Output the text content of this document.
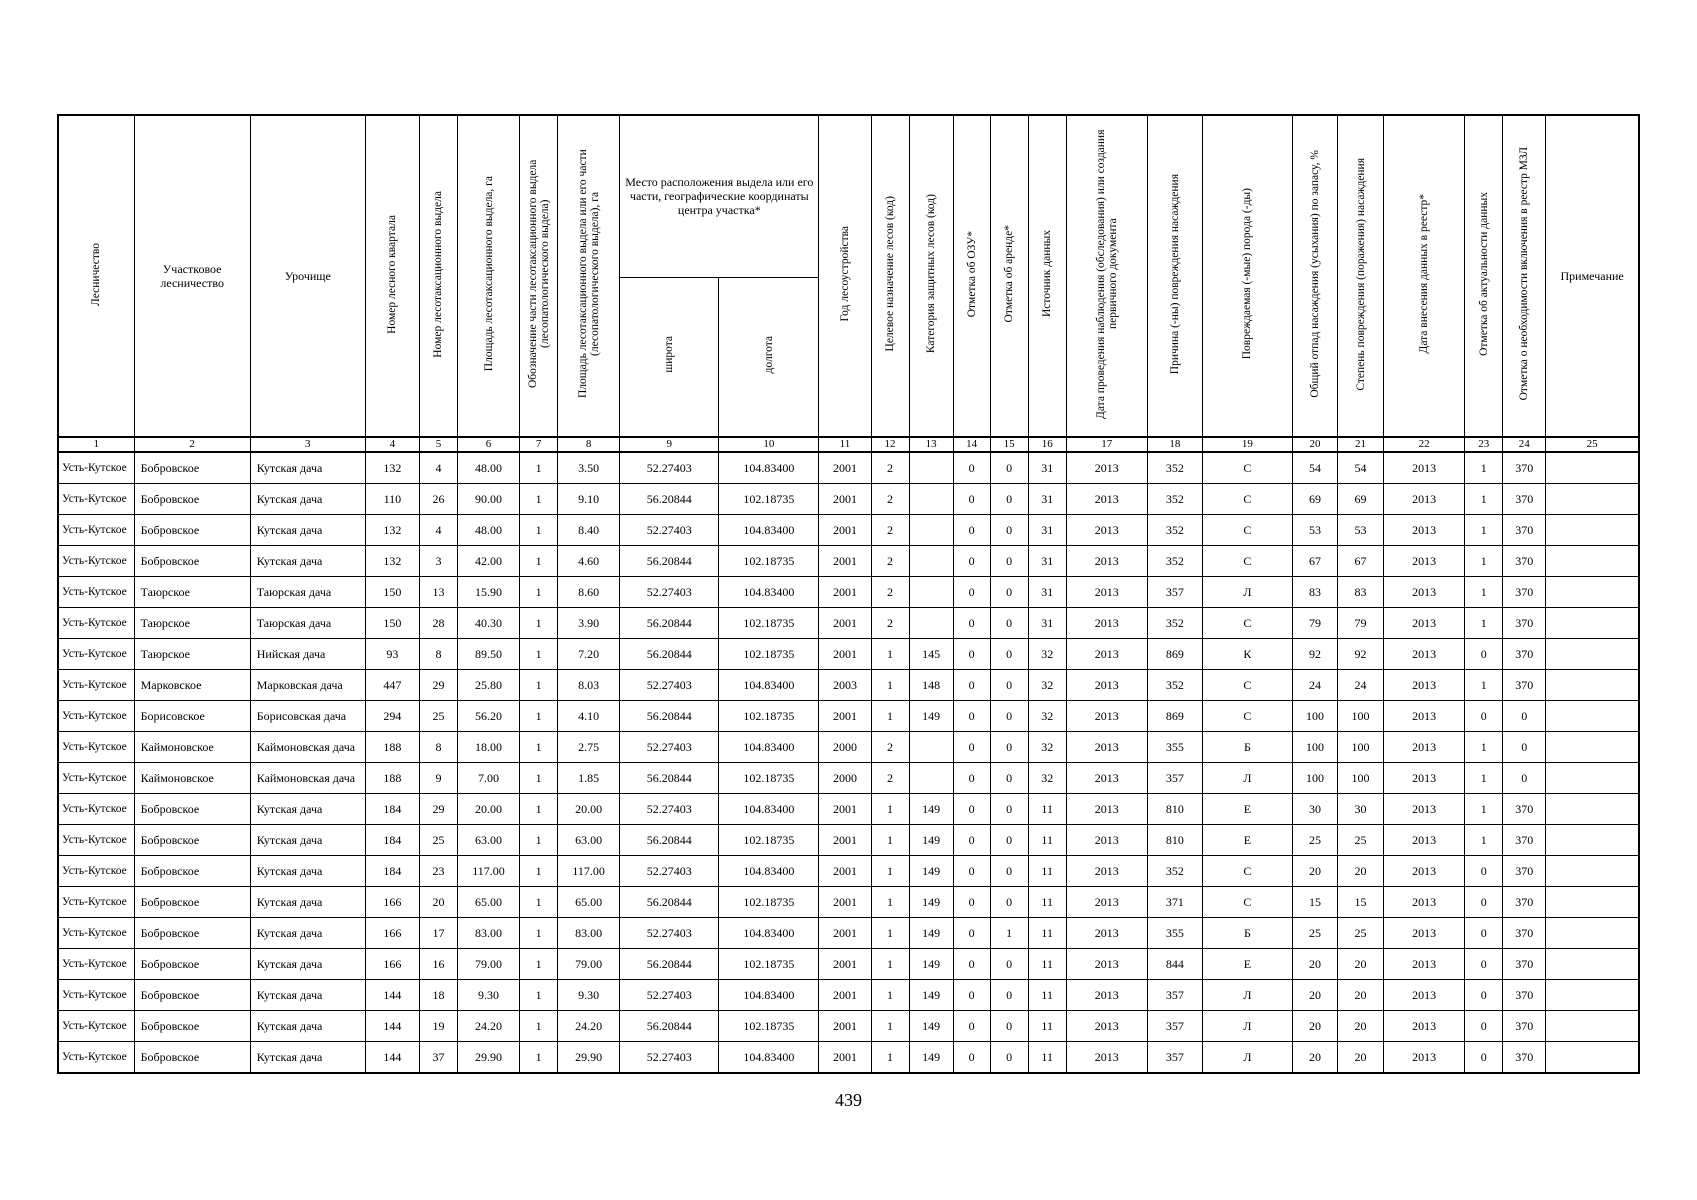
Лесничество	Участковое лесничество	Урочище	Номер лесного квартала	Номер лесотаксационного выдела	Площадь лесотаксационного выдела, га	Обозначение части лесотаксационного выдела (лесопатологического выдела)	Площадь лесотаксационного выдела или его части (лесопатологического выдела), га	Место расположения выдела или его части, географические координаты центра участка*		Год лесоустройства	Целевое назначение лесов (код)	Категория защитных лесов (код)	Отметка об ОЗУ*	Отметка об аренде*	Источник данных	Дата проведения наблюдения (обследования) или создания первичного документа	Причина (-ны) повреждения насаждения	Повреждаемая (-мые) порода (-ды)	Общий отпад насаждения (усыхания) по запасу, %	Степень повреждения (поражения) насаждения	Дата внесения данных в реестр*	Отметка об актуальности данных	Отметка о необходимости включения в реестр МЗЛ	Примечание

								широта	долгота															
1	2	3	4	5	6	7	8	9	10	11	12	13	14	15	16	17	18	19	20	21	22	23	24	25
Усть-Кутское	Бобровское	Кутская дача	132	4	48.00	1	3.50	52.27403	104.83400	2001	2		0	0	31	2013	352	С	54	54	2013	1	370	
Усть-Кутское	Бобровское	Кутская дача	110	26	90.00	1	9.10	56.20844	102.18735	2001	2		0	0	31	2013	352	С	69	69	2013	1	370	
Усть-Кутское	Бобровское	Кутская дача	132	4	48.00	1	8.40	52.27403	104.83400	2001	2		0	0	31	2013	352	С	53	53	2013	1	370	
Усть-Кутское	Бобровское	Кутская дача	132	3	42.00	1	4.60	56.20844	102.18735	2001	2		0	0	31	2013	352	С	67	67	2013	1	370	
Усть-Кутское	Таюрское	Таюрская дача	150	13	15.90	1	8.60	52.27403	104.83400	2001	2		0	0	31	2013	357	Л	83	83	2013	1	370	
Усть-Кутское	Таюрское	Таюрская дача	150	28	40.30	1	3.90	56.20844	102.18735	2001	2		0	0	31	2013	352	С	79	79	2013	1	370	
Усть-Кутское	Таюрское	Нийская дача	93	8	89.50	1	7.20	56.20844	102.18735	2001	1	145	0	0	32	2013	869	К	92	92	2013	0	370	
Усть-Кутское	Марковское	Марковская дача	447	29	25.80	1	8.03	52.27403	104.83400	2003	1	148	0	0	32	2013	352	С	24	24	2013	1	370	
Усть-Кутское	Борисовское	Борисовская дача	294	25	56.20	1	4.10	56.20844	102.18735	2001	1	149	0	0	32	2013	869	С	100	100	2013	0	0	
Усть-Кутское	Каймоновское	Каймоновская дача	188	8	18.00	1	2.75	52.27403	104.83400	2000	2		0	0	32	2013	355	Б	100	100	2013	1	0	
Усть-Кутское	Каймоновское	Каймоновская дача	188	9	7.00	1	1.85	56.20844	102.18735	2000	2		0	0	32	2013	357	Л	100	100	2013	1	0	
Усть-Кутское	Бобровское	Кутская дача	184	29	20.00	1	20.00	52.27403	104.83400	2001	1	149	0	0	11	2013	810	Е	30	30	2013	1	370	
Усть-Кутское	Бобровское	Кутская дача	184	25	63.00	1	63.00	56.20844	102.18735	2001	1	149	0	0	11	2013	810	Е	25	25	2013	1	370	
Усть-Кутское	Бобровское	Кутская дача	184	23	117.00	1	117.00	52.27403	104.83400	2001	1	149	0	0	11	2013	352	С	20	20	2013	0	370	
Усть-Кутское	Бобровское	Кутская дача	166	20	65.00	1	65.00	56.20844	102.18735	2001	1	149	0	0	11	2013	371	С	15	15	2013	0	370	
Усть-Кутское	Бобровское	Кутская дача	166	17	83.00	1	83.00	52.27403	104.83400	2001	1	149	0	1	11	2013	355	Б	25	25	2013	0	370	
Усть-Кутское	Бобровское	Кутская дача	166	16	79.00	1	79.00	56.20844	102.18735	2001	1	149	0	0	11	2013	844	Е	20	20	2013	0	370	
Усть-Кутское	Бобровское	Кутская дача	144	18	9.30	1	9.30	52.27403	104.83400	2001	1	149	0	0	11	2013	357	Л	20	20	2013	0	370	
Усть-Кутское	Бобровское	Кутская дача	144	19	24.20	1	24.20	56.20844	102.18735	2001	1	149	0	0	11	2013	357	Л	20	20	2013	0	370	
Усть-Кутское	Бобровское	Кутская дача	144	37	29.90	1	29.90	52.27403	104.83400	2001	1	149	0	0	11	2013	357	Л	20	20	2013	0	370	
439
